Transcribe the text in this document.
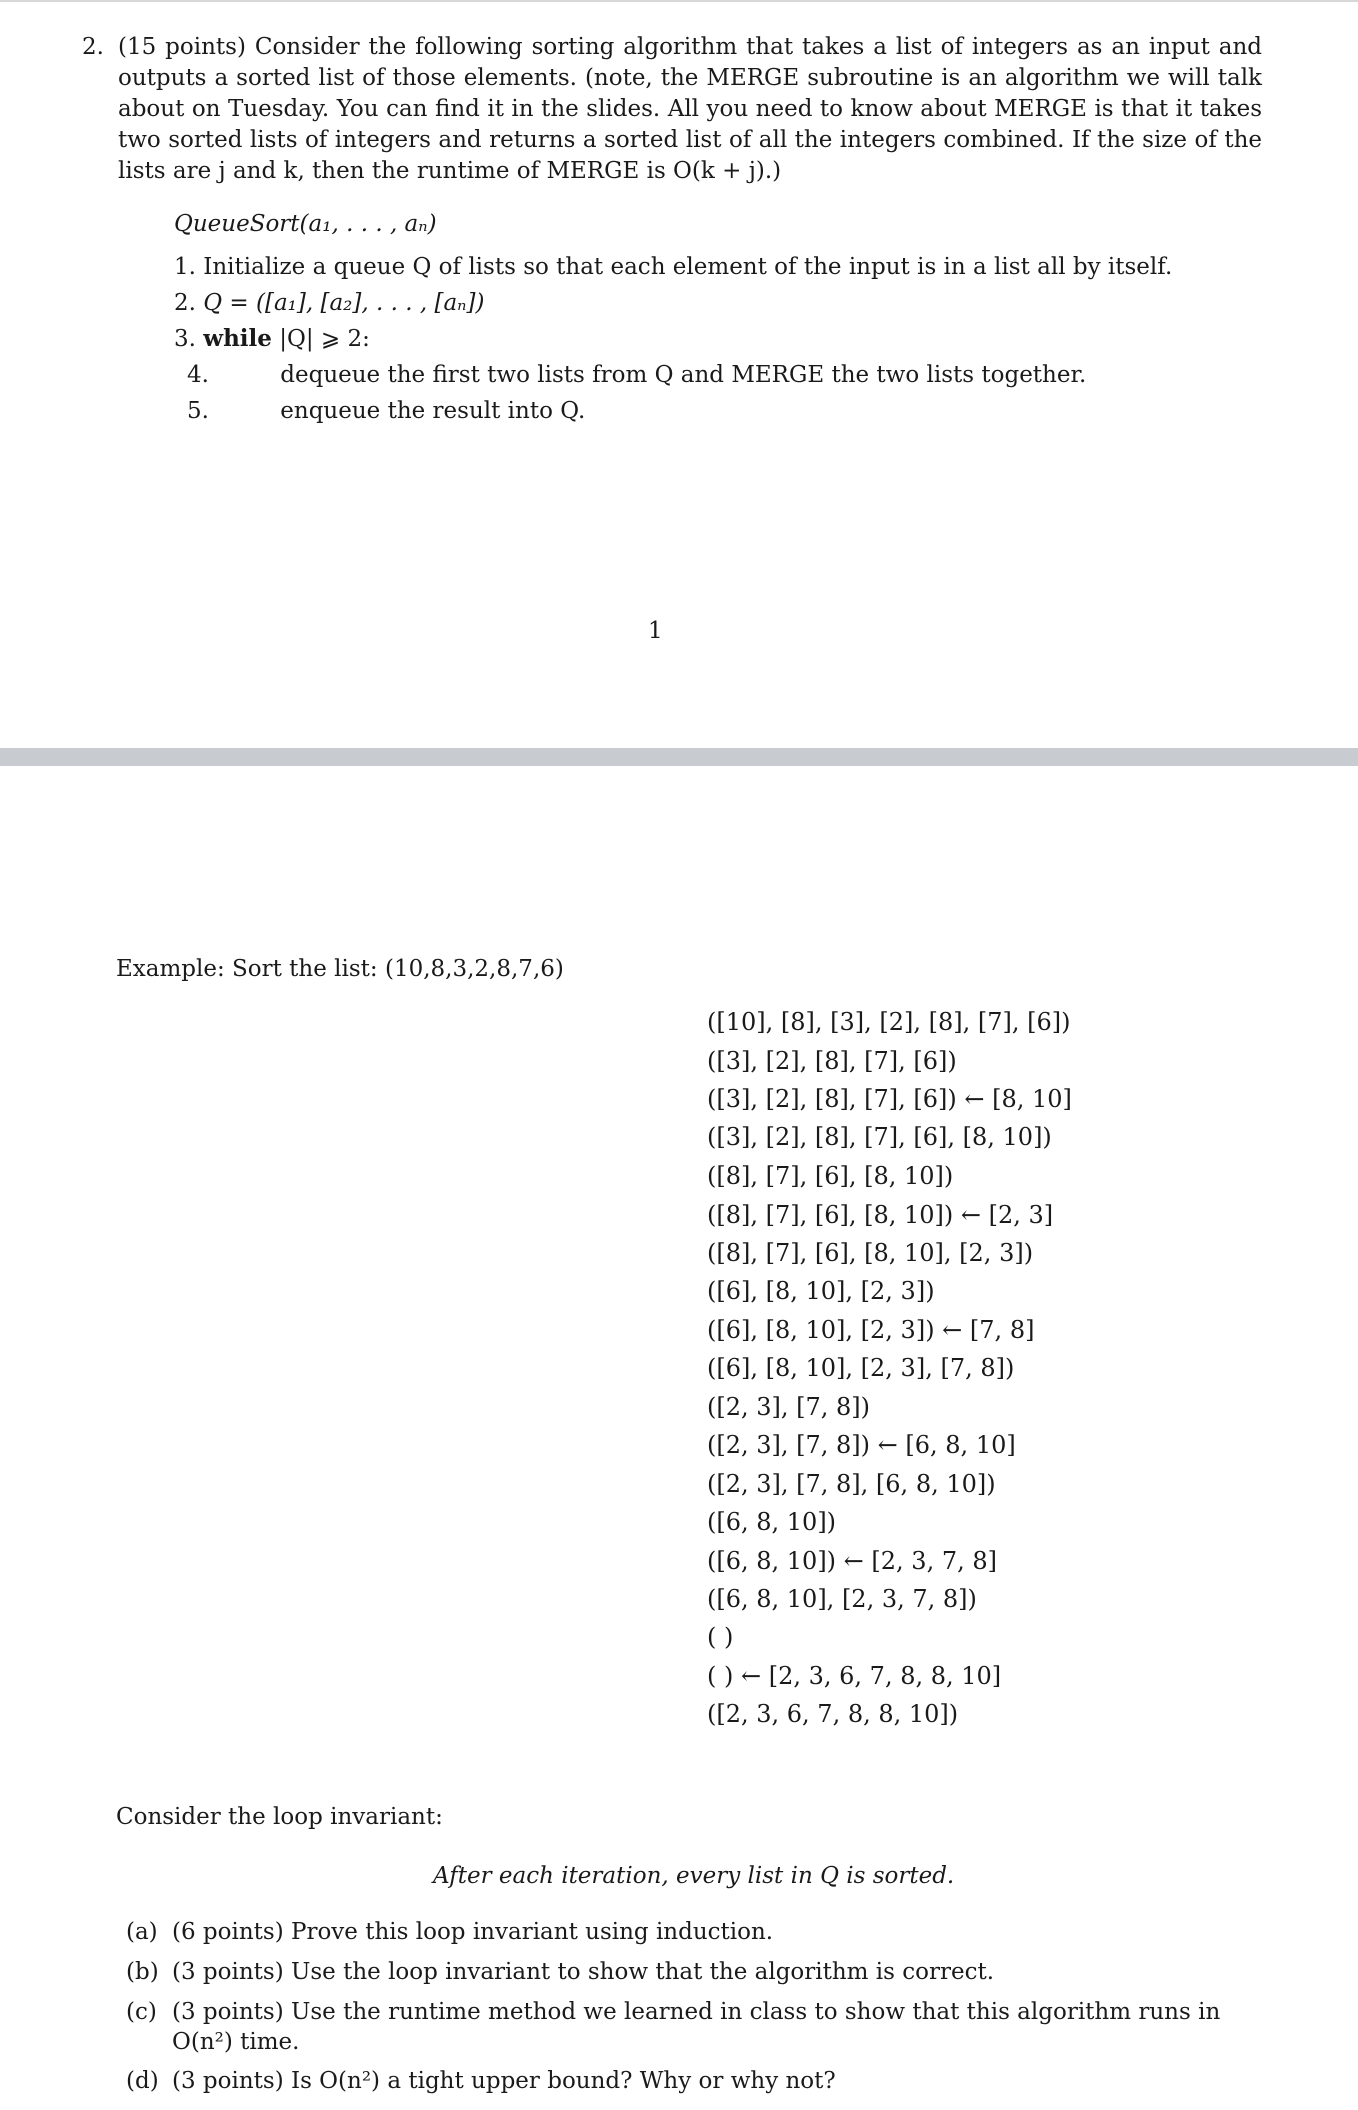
2. (15 points) Consider the following sorting algorithm that takes a list of integers as an input and outputs a sorted list of those elements. (note, the MERGE subroutine is an algorithm we will talk about on Tuesday. You can find it in the slides. All you need to know about MERGE is that it takes two sorted lists of integers and returns a sorted list of all the integers combined. If the size of the lists are j and k, then the runtime of MERGE is O(k + j).)
QueueSort(a₁, . . . , aₙ)
1. Initialize a queue Q of lists so that each element of the input is in a list all by itself.
2. Q = ([a₁], [a₂], . . . , [aₙ])
3. while |Q| ⩾ 2:
4.	dequeue the first two lists from Q and MERGE the two lists together.
5.	enqueue the result into Q.
1
Example: Sort the list: (10,8,3,2,8,7,6)
([10], [8], [3], [2], [8], [7], [6])
([3], [2], [8], [7], [6])
([3], [2], [8], [7], [6]) ← [8, 10]
([3], [2], [8], [7], [6], [8, 10])
([8], [7], [6], [8, 10])
([8], [7], [6], [8, 10]) ← [2, 3]
([8], [7], [6], [8, 10], [2, 3])
([6], [8, 10], [2, 3])
([6], [8, 10], [2, 3]) ← [7, 8]
([6], [8, 10], [2, 3], [7, 8])
([2, 3], [7, 8])
([2, 3], [7, 8]) ← [6, 8, 10]
([2, 3], [7, 8], [6, 8, 10])
([6, 8, 10])
([6, 8, 10]) ← [2, 3, 7, 8]
([6, 8, 10], [2, 3, 7, 8])
( )
( ) ← [2, 3, 6, 7, 8, 8, 10]
([2, 3, 6, 7, 8, 8, 10])
Consider the loop invariant:
After each iteration, every list in Q is sorted.
(a) (6 points) Prove this loop invariant using induction.
(b) (3 points) Use the loop invariant to show that the algorithm is correct.
(c) (3 points) Use the runtime method we learned in class to show that this algorithm runs in O(n²) time.
(d) (3 points) Is O(n²) a tight upper bound? Why or why not?
